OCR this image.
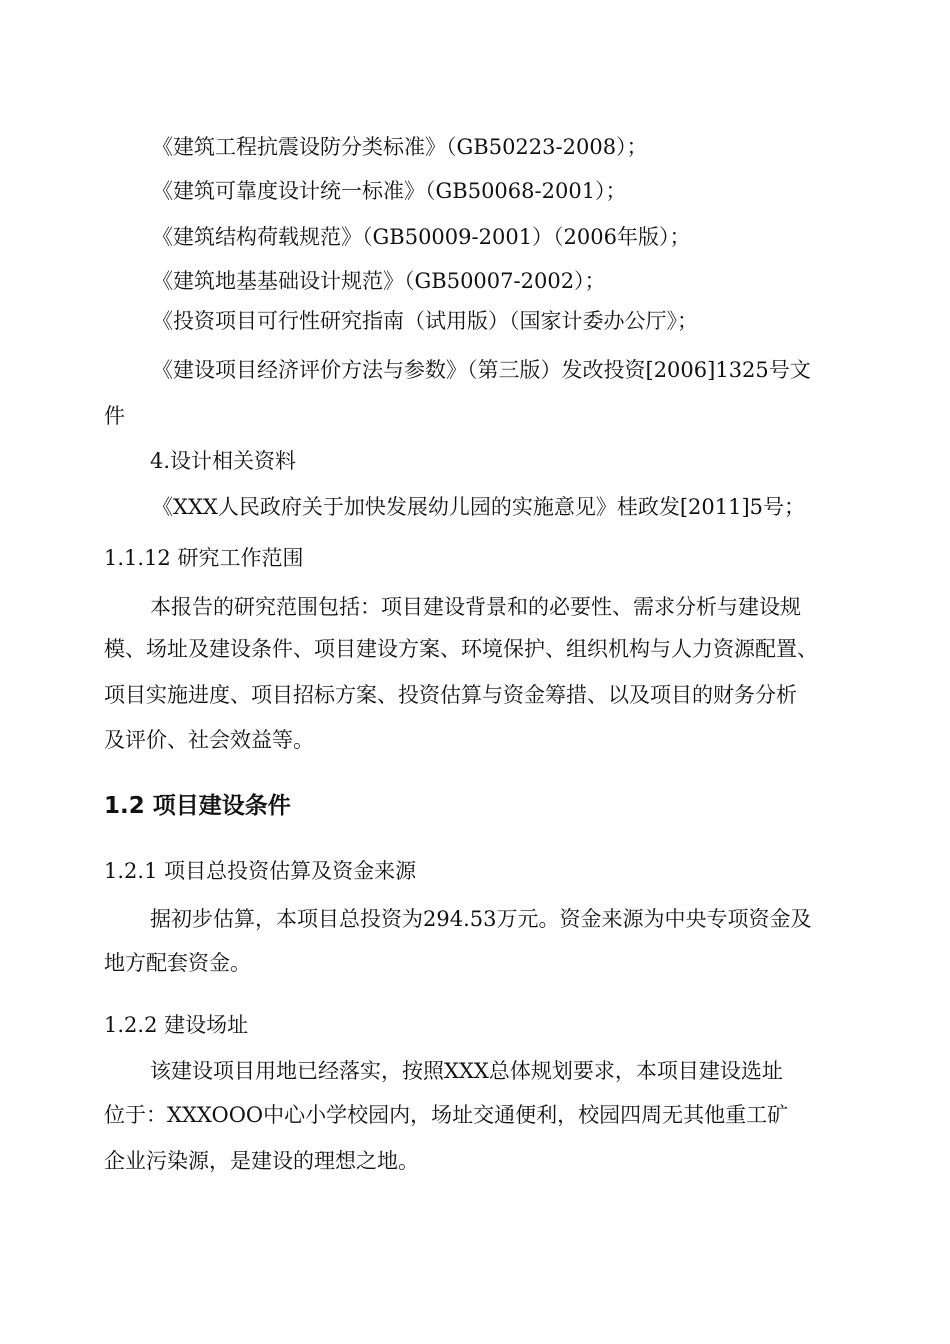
《建筑工程抗震设防分类标准》（GB50223-2008）；
《建筑可靠度设计统一标准》（GB50068-2001）；
《建筑结构荷载规范》（GB50009-2001）（2006年版）；
《建筑地基基础设计规范》（GB50007-2002）；
《投资项目可行性研究指南（试用版）（国家计委办公厅》；
《建设项目经济评价方法与参数》（第三版）发改投资[2006]1325号文
件
4.设计相关资料
《XXX人民政府关于加快发展幼儿园的实施意见》桂政发[2011]5号；
1.1.12 研究工作范围
本报告的研究范围包括：项目建设背景和的必要性、需求分析与建设规
模、场址及建设条件、项目建设方案、环境保护、组织机构与人力资源配置、
项目实施进度、项目招标方案、投资估算与资金筹措、以及项目的财务分析
及评价、社会效益等。
1.2 项目建设条件
1.2.1 项目总投资估算及资金来源
据初步估算，本项目总投资为294.53万元。资金来源为中央专项资金及
地方配套资金。
1.2.2 建设场址
该建设项目用地已经落实，按照XXX总体规划要求，本项目建设选址
位于：XXXOOO中心小学校园内，场址交通便利，校园四周无其他重工矿
企业污染源，是建设的理想之地。
